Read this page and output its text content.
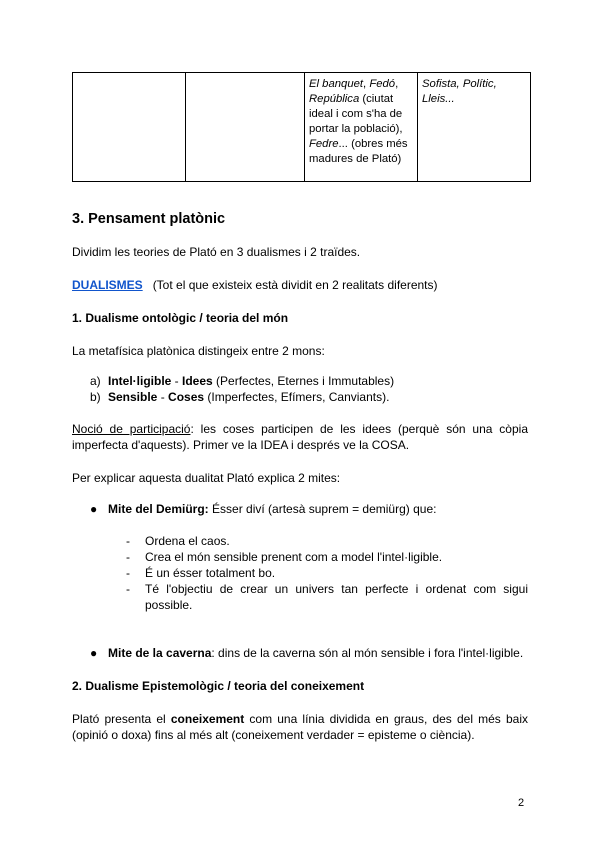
		El banquet, Fedó, República (ciutat ideal i com s'ha de portar la població), Fedre... (obres més madures de Plató)	Sofista, Polític, Lleis...
3. Pensament platònic

Dividim les teories de Plató en 3 dualismes i 2 traïdes.

DUALISMES (Tot el que existeix està dividit en 2 realitats diferents)

1. Dualisme ontològic / teoria del món

La metafísica platònica distingeix entre 2 mons:

a) Intel·ligible - Idees (Perfectes, Eternes i Immutables)
b) Sensible - Coses (Imperfectes, Efímers, Canviants).

Noció de participació: les coses participen de les idees (perquè són una còpia imperfecta d'aquests). Primer ve la IDEA i després ve la COSA.

Per explicar aquesta dualitat Plató explica 2 mites:

● Mite del Demiürg: Ésser diví (artesà suprem = demiürg) que:
- Ordena el caos.
- Crea el món sensible prenent com a model l'intel·ligible.
- É un ésser totalment bo.
- Té l'objectiu de crear un univers tan perfecte i ordenat com sigui possible.
● Mite de la caverna: dins de la caverna són al món sensible i fora l'intel·ligible.

2. Dualisme Epistemològic / teoria del coneixement

Plató presenta el coneixement com una línia dividida en graus, des del més baix (opinió o doxa) fins al més alt (coneixement verdader = episteme o ciència).

2
